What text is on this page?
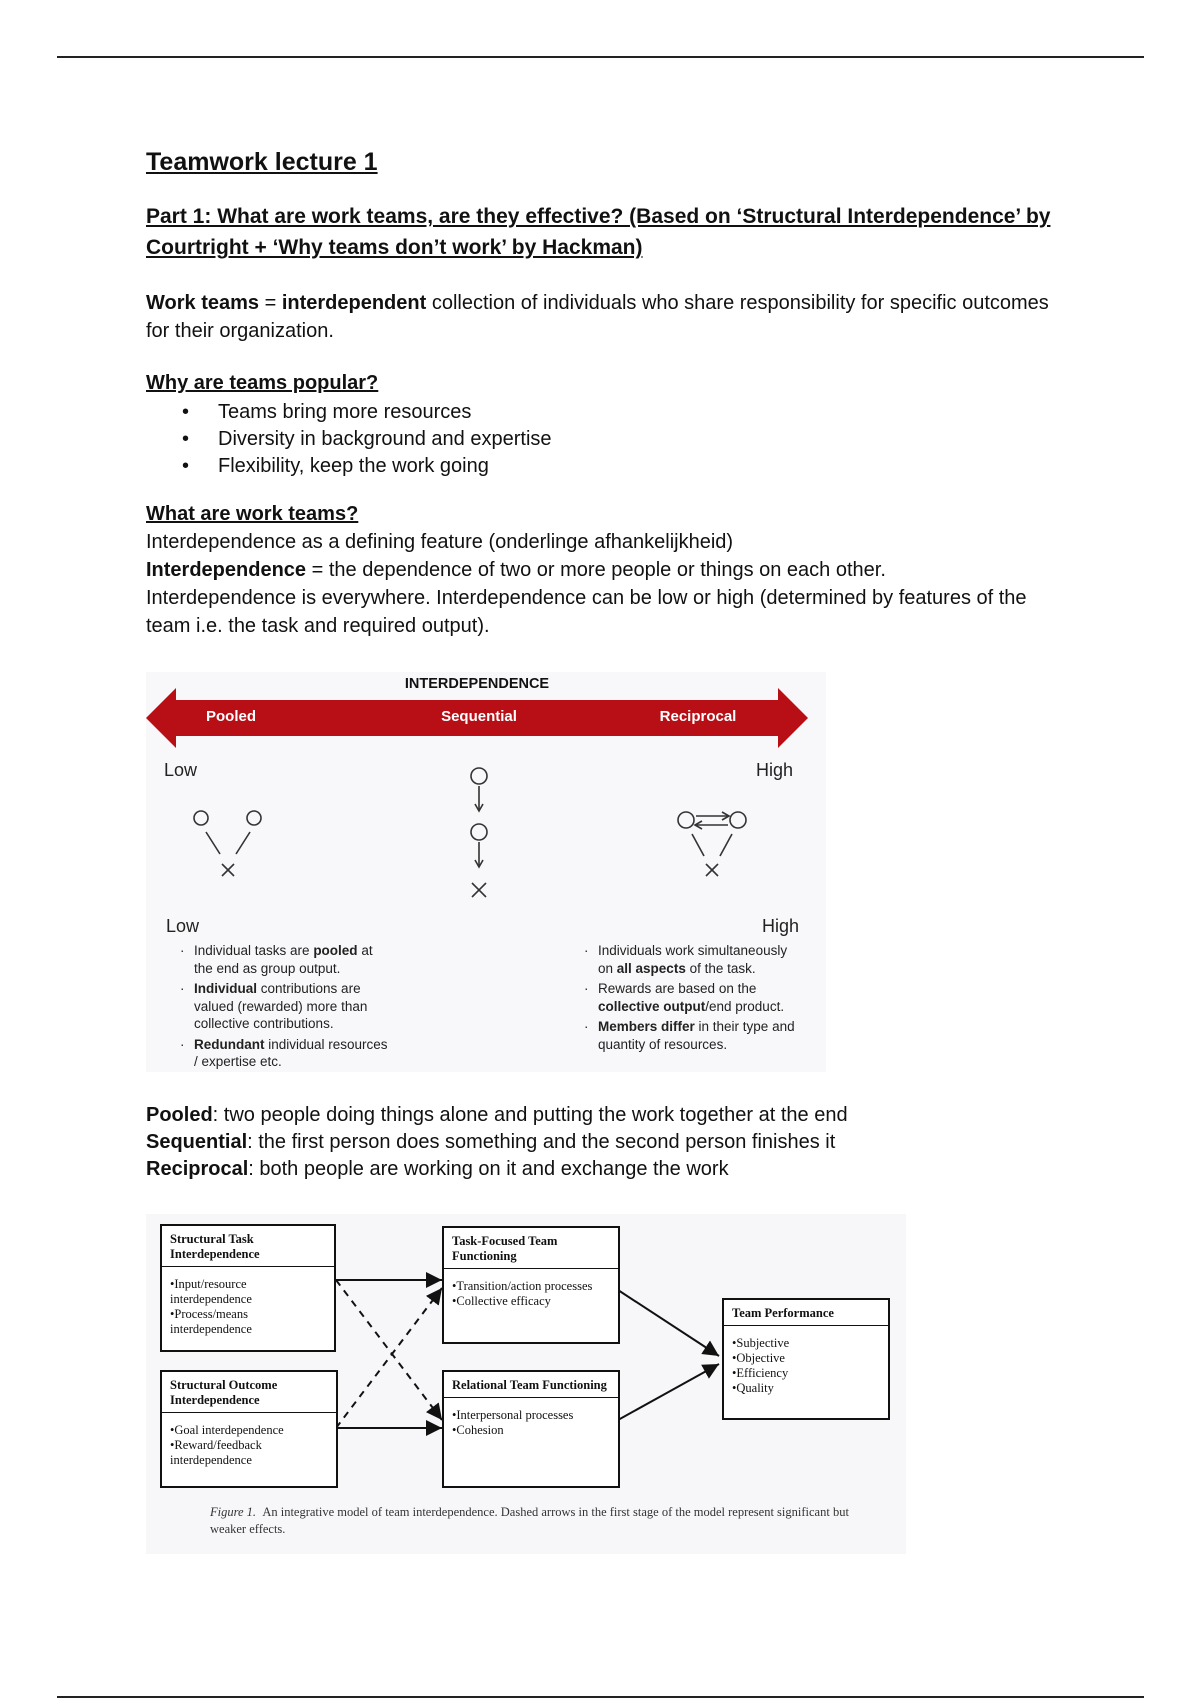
Teamwork lecture 1
Part 1: What are work teams, are they effective? (Based on ‘Structural Interdependence’ by Courtright + ‘Why teams don’t work’ by Hackman)

Work teams = interdependent collection of individuals who share responsibility for specific outcomes for their organization.

Why are teams popular?
• Teams bring more resources
• Diversity in background and expertise
• Flexibility, keep the work going
What are work teams?

Interdependence as a defining feature (onderlinge afhankelijkheid)

Interdependence = the dependence of two or more people or things on each other.

Interdependence is everywhere. Interdependence can be low or high (determined by features of the team i.e. the task and required output).

INTERDEPENDENCE
Pooled	Sequential	Reciprocal
Low	High
Low	High
· Individual tasks are pooled at the end as group output.
· Individual contributions are valued (rewarded) more than collective contributions.
· Redundant individual resources / expertise etc.
· Individuals work simultaneously on all aspects of the task.
· Rewards are based on the collective output/end product.
· Members differ in their type and quantity of resources.

Pooled: two people doing things alone and putting the work together at the end

Sequential: the first person does something and the second person finishes it

Reciprocal: both people are working on it and exchange the work

Structural Task Interdependence
•Input/resource interdependence
•Process/means interdependence
Structural Outcome Interdependence
•Goal interdependence
•Reward/feedback interdependence
Task-Focused Team Functioning
•Transition/action processes
•Collective efficacy
Relational Team Functioning
•Interpersonal processes
•Cohesion
Team Performance
•Subjective
•Objective
•Efficiency
•Quality
Figure 1. An integrative model of team interdependence. Dashed arrows in the first stage of the model represent significant but weaker effects.
